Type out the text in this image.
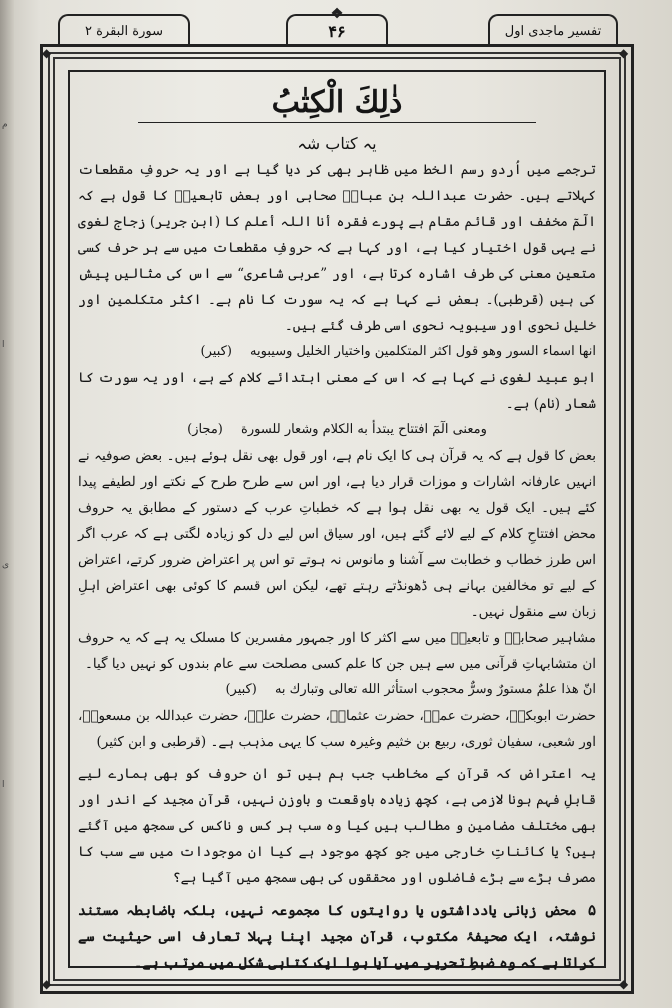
م
ا
ی
ا
سورة البقرة ۲
❖
۴۶	تفسیر ماجدی اول
◆	◆
◆	◆
ذٰلِكَ الْكِتٰبُ
یہ کتاب شہ

ترجمے میں اُردو رسم الخط میں ظاہر بھی کر دیا گیا ہے اور یہ حروفِ مقطعات کہلاتے ہیں۔ حضرت عبداللہ بن عباسؓ صحابی اور بعض تابعینؒ کا قول ہے کہ الٓمٓ مخفف اور قائم مقام ہے پورے فقرہ أنا اللہ أعلم کا (ابن جریر) زجاج لغوی نے یہی قول اختیار کیا ہے، اور کہا ہے کہ حروفِ مقطعات میں سے ہر حرف کسی متعین معنی کی طرف اشارہ کرتا ہے، اور ”عربی شاعری“ سے اس کی مثالیں پیش کی ہیں (قرطبی)۔ بعض نے کہا ہے کہ یہ سورت کا نام ہے۔ اکثر متکلمین اور خلیل نحوی اور سیبویہ نحوی اسی طرف گئے ہیں۔

انها اسماء السور وهو قول اكثر المتكلمين واختيار الخليل وسيبويه (كبير)

ابو عبید لغوی نے کہا ہے کہ اس کے معنی ابتدائے کلام کے ہے، اور یہ سورت کا شعار (نام) ہے۔

ومعنى الٓمٓ افتتاح يبتدأ به الكلام وشعار للسورة (مجاز)

بعض کا قول ہے کہ یہ قرآن ہی کا ایک نام ہے، اور قول بھی نقل ہوئے ہیں۔ بعض صوفیہ نے انہیں عارفانہ اشارات و موزات قرار دیا ہے، اور اس سے طرح طرح کے نکتے اور لطیفے پیدا کئے ہیں۔ ایک قول یہ بھی نقل ہوا ہے کہ خطباتِ عرب کے دستور کے مطابق یہ حروف محض افتتاحِ کلام کے لیے لائے گئے ہیں، اور سیاق اس لیے دل کو زیادہ لگتی ہے کہ عرب اگر اس طرز خطاب و خطابت سے آشنا و مانوس نہ ہوتے تو اس پر اعتراض ضرور کرتے، اعتراض کے لیے تو مخالفین بہانے ہی ڈھونڈتے رہتے تھے، لیکن اس قسم کا کوئی بھی اعتراض اہلِ زبان سے منقول نہیں۔

مشاہیر صحابہؓ و تابعینؒ میں سے اکثر کا اور جمہور مفسرین کا مسلک یہ ہے کہ یہ حروف ان متشابہاتِ قرآنی میں سے ہیں جن کا علم کسی مصلحت سے عام بندوں کو نہیں دیا گیا۔

انّ هذا علمٌ مستورٌ وسرٌّ محجوب استأثر الله تعالى وتبارك به (كبير)

حضرت ابوبکرؓ، حضرت عمرؓ، حضرت عثمانؓ، حضرت علیؓ، حضرت عبداللہ بن مسعودؓ، اور شعبی، سفیان ثوری، ربیع بن خثیم وغیرہ سب کا یہی مذہب ہے۔ (قرطبی و ابن کثیر)

یہ اعتراض کہ قرآن کے مخاطب جب ہم ہیں تو ان حروف کو بھی ہمارے لیے قابلِ فہم ہونا لازمی ہے، کچھ زیادہ باوقعت و باوزن نہیں، قرآن مجید کے اندر اور بھی مختلف مضامین و مطالب ہیں کیا وہ سب ہر کس و ناکس کی سمجھ میں آگئے ہیں؟ یا کائناتِ خارجی میں جو کچھ موجود ہے کیا ان موجودات میں سے سب کا مصرف بڑے سے بڑے فاضلوں اور محققوں کی بھی سمجھ میں آگیا ہے؟

۵ محض زبانی یادداشتوں یا روایتوں کا مجموعہ نہیں، بلکہ باضابطہ مستند نوشتہ، ایک صحیفۂ مکتوب، قرآن مجید اپنا پہلا تعارف اسی حیثیت سے کراتا ہے کہ وہ ضبطِ تحریر میں آیا ہوا ایک کتابی شکل میں مرتب ہے۔
